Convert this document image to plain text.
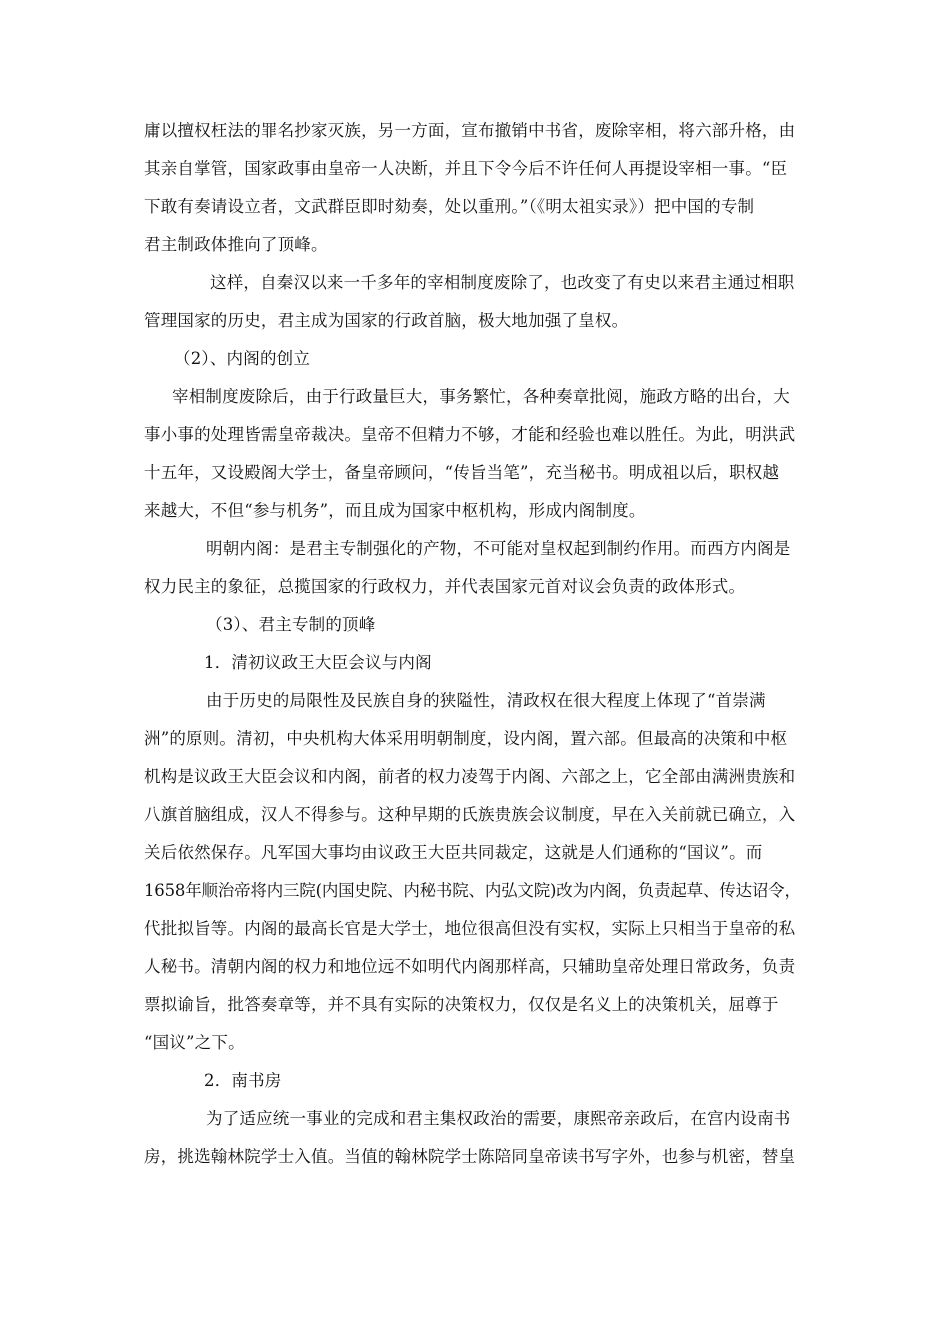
庸以擅权枉法的罪名抄家灭族，另一方面，宣布撤销中书省，废除宰相，将六部升格，由
其亲自掌管，国家政事由皇帝一人决断，并且下令今后不许任何人再提设宰相一事。“臣
下敢有奏请设立者，文武群臣即时劾奏，处以重刑。”（《明太祖实录》）把中国的专制
君主制政体推向了顶峰。
这样，自秦汉以来一千多年的宰相制度废除了，也改变了有史以来君主通过相职
管理国家的历史，君主成为国家的行政首脑，极大地加强了皇权。
（2）、内阁的创立
宰相制度废除后，由于行政量巨大，事务繁忙，各种奏章批阅，施政方略的出台，大
事小事的处理皆需皇帝裁决。皇帝不但精力不够，才能和经验也难以胜任。为此，明洪武
十五年，又设殿阁大学士，备皇帝顾问，“传旨当笔”，充当秘书。明成祖以后，职权越
来越大，不但“参与机务”，而且成为国家中枢机构，形成内阁制度。
明朝内阁：是君主专制强化的产物，不可能对皇权起到制约作用。而西方内阁是
权力民主的象征，总揽国家的行政权力，并代表国家元首对议会负责的政体形式。
（3）、君主专制的顶峰
1．清初议政王大臣会议与内阁
由于历史的局限性及民族自身的狭隘性，清政权在很大程度上体现了“首崇满
洲”的原则。清初，中央机构大体采用明朝制度，设内阁，置六部。但最高的决策和中枢
机构是议政王大臣会议和内阁，前者的权力凌驾于内阁、六部之上，它全部由满洲贵族和
八旗首脑组成，汉人不得参与。这种早期的氏族贵族会议制度，早在入关前就已确立，入
关后依然保存。凡军国大事均由议政王大臣共同裁定，这就是人们通称的“国议”。而
1658年顺治帝将内三院(内国史院、内秘书院、内弘文院)改为内阁，负责起草、传达诏令，
代批拟旨等。内阁的最高长官是大学士，地位很高但没有实权，实际上只相当于皇帝的私
人秘书。清朝内阁的权力和地位远不如明代内阁那样高，只辅助皇帝处理日常政务，负责
票拟谕旨，批答奏章等，并不具有实际的决策权力，仅仅是名义上的决策机关，屈尊于
“国议”之下。
2．南书房
为了适应统一事业的完成和君主集权政治的需要，康熙帝亲政后，在宫内设南书
房，挑选翰林院学士入值。当值的翰林院学士陈陪同皇帝读书写字外，也参与机密，替皇
